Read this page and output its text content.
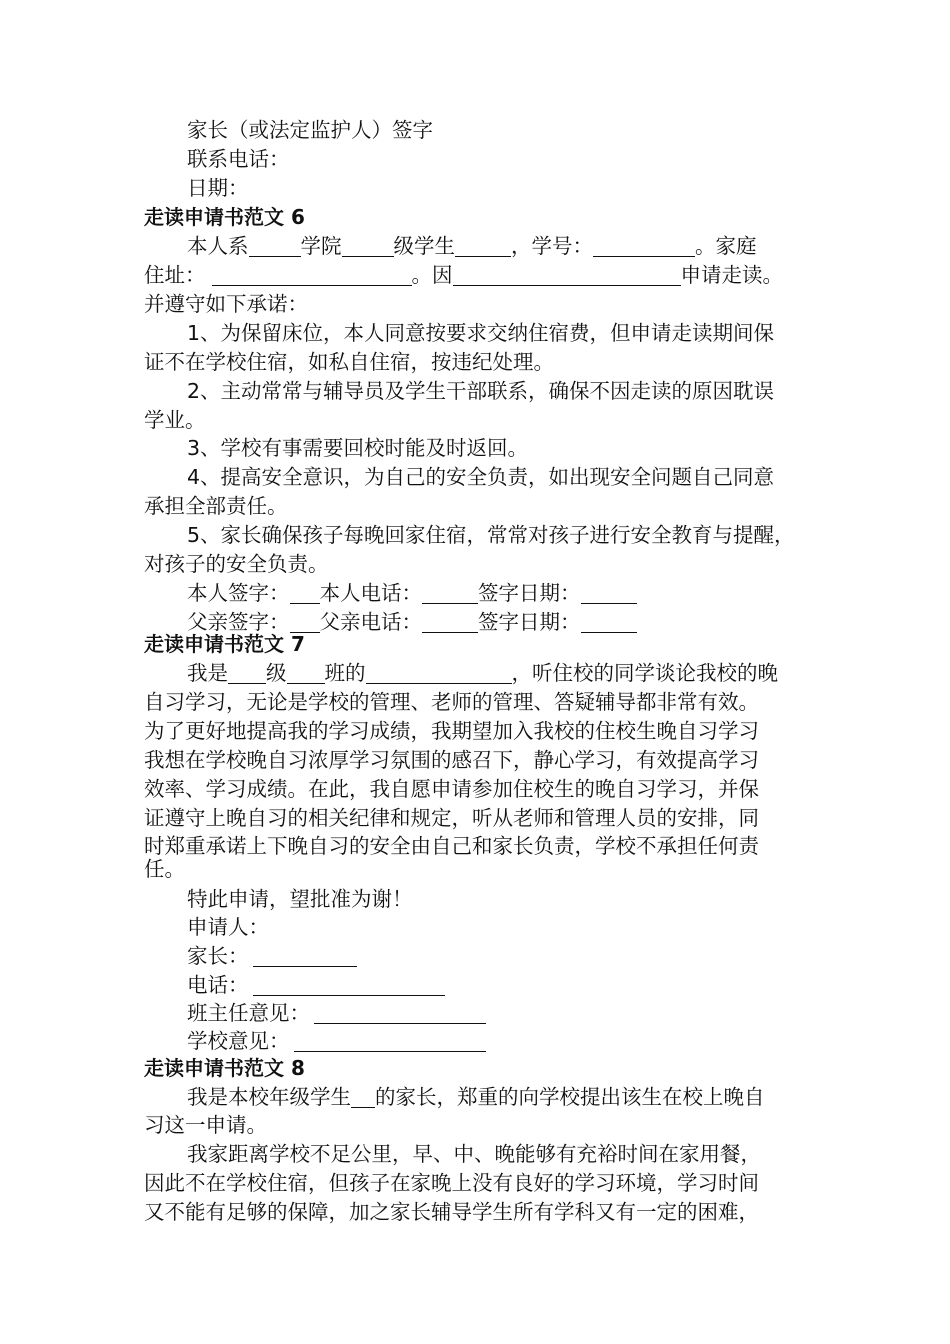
家长（或法定监护人）签字
联系电话：
日期：
走读申请书范文 6
本人系	学院	级学生	，学号：	。家庭
住址：	。因	申请走读。
并遵守如下承诺：
1、为保留床位，本人同意按要求交纳住宿费，但申请走读期间保
证不在学校住宿，如私自住宿，按违纪处理。
2、主动常常与辅导员及学生干部联系，确保不因走读的原因耽误
学业。
3、学校有事需要回校时能及时返回。
4、提高安全意识，为自己的安全负责，如出现安全问题自己同意
承担全部责任。
5、家长确保孩子每晚回家住宿，常常对孩子进行安全教育与提醒，
对孩子的安全负责。
本人签字： 本人电话：	签字日期：
父亲签字： 父亲电话：	签字日期：
走读申请书范文 7
我是 级 班的	，听住校的同学谈论我校的晚
自习学习，无论是学校的管理、老师的管理、答疑辅导都非常有效。
为了更好地提高我的学习成绩，我期望加入我校的住校生晚自习学习
我想在学校晚自习浓厚学习氛围的感召下，静心学习，有效提高学习
效率、学习成绩。在此，我自愿申请参加住校生的晚自习学习，并保
证遵守上晚自习的相关纪律和规定，听从老师和管理人员的安排，同
时郑重承诺上下晚自习的安全由自己和家长负责，学校不承担任何责
任。
特此申请，望批准为谢！
申请人：
家长：
电话：
班主任意见：
学校意见：
走读申请书范文 8
我是本校年级学生 的家长，郑重的向学校提出该生在校上晚自
习这一申请。
我家距离学校不足公里，早、中、晚能够有充裕时间在家用餐，
因此不在学校住宿，但孩子在家晚上没有良好的学习环境，学习时间
又不能有足够的保障，加之家长辅导学生所有学科又有一定的困难，
